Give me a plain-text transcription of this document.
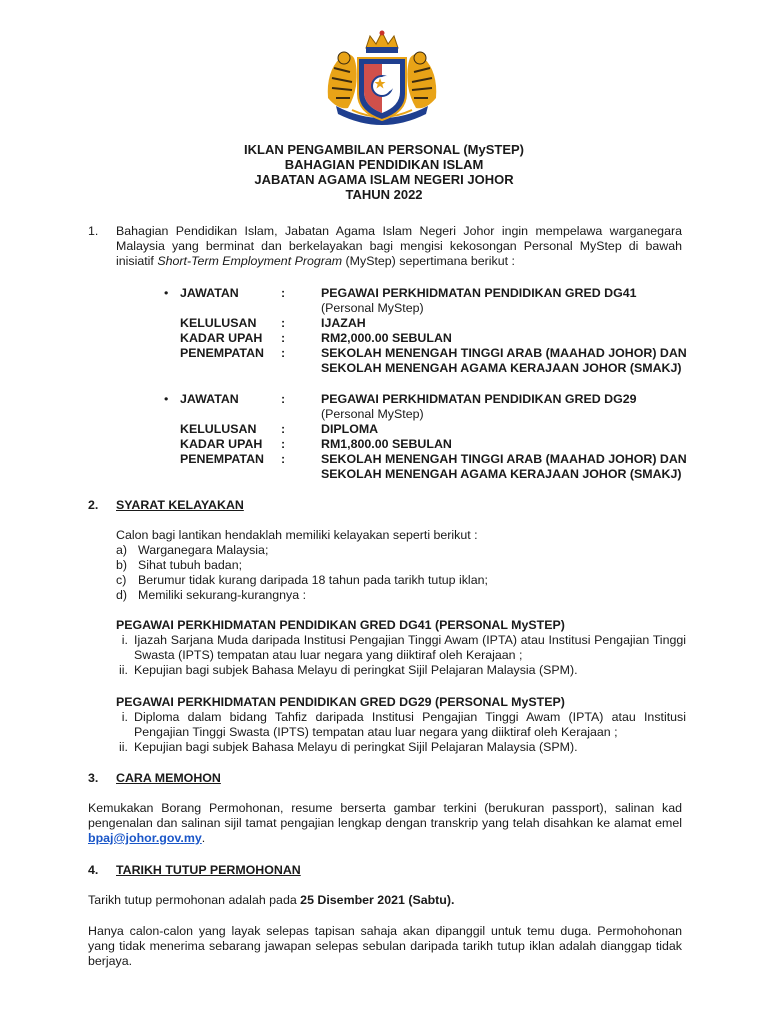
IKLAN PENGAMBILAN PERSONAL (MySTEP)
BAHAGIAN PENDIDIKAN ISLAM
JABATAN AGAMA ISLAM NEGERI JOHOR
TAHUN 2022
1. Bahagian Pendidikan Islam, Jabatan Agama Islam Negeri Johor ingin mempelawa warganegara Malaysia yang berminat dan berkelayakan bagi mengisi kekosongan Personal MyStep di bawah inisiatif Short-Term Employment Program (MyStep) sepertimana berikut :

• JAWATAN	:	PEGAWAI PERKHIDMATAN PENDIDIKAN GRED DG41
(Personal MyStep)
KELULUSAN	:	IJAZAH
KADAR UPAH	:	RM2,000.00 SEBULAN
PENEMPATAN	:	SEKOLAH MENENGAH TINGGI ARAB (MAAHAD JOHOR) DAN
SEKOLAH MENENGAH AGAMA KERAJAAN JOHOR (SMAKJ)
• JAWATAN	:	PEGAWAI PERKHIDMATAN PENDIDIKAN GRED DG29
(Personal MyStep)
KELULUSAN	:	DIPLOMA
KADAR UPAH	:	RM1,800.00 SEBULAN
PENEMPATAN	:	SEKOLAH MENENGAH TINGGI ARAB (MAAHAD JOHOR) DAN
SEKOLAH MENENGAH AGAMA KERAJAAN JOHOR (SMAKJ)
2. SYARAT KELAYAKAN
Calon bagi lantikan hendaklah memiliki kelayakan seperti berikut :
a) Warganegara Malaysia;
b) Sihat tubuh badan;
c) Berumur tidak kurang daripada 18 tahun pada tarikh tutup iklan;
d) Memiliki sekurang-kurangnya :
PEGAWAI PERKHIDMATAN PENDIDIKAN GRED DG41 (PERSONAL MySTEP)
i. Ijazah Sarjana Muda daripada Institusi Pengajian Tinggi Awam (IPTA) atau Institusi Pengajian Tinggi Swasta (IPTS) tempatan atau luar negara yang diiktiraf oleh Kerajaan ;
ii. Kepujian bagi subjek Bahasa Melayu di peringkat Sijil Pelajaran Malaysia (SPM).
PEGAWAI PERKHIDMATAN PENDIDIKAN GRED DG29 (PERSONAL MySTEP)
i. Diploma dalam bidang Tahfiz daripada Institusi Pengajian Tinggi Awam (IPTA) atau Institusi Pengajian Tinggi Swasta (IPTS) tempatan atau luar negara yang diiktiraf oleh Kerajaan ;
ii. Kepujian bagi subjek Bahasa Melayu di peringkat Sijil Pelajaran Malaysia (SPM).
3. CARA MEMOHON

Kemukakan Borang Permohonan, resume berserta gambar terkini (berukuran passport), salinan kad pengenalan dan salinan sijil tamat pengajian lengkap dengan transkrip yang telah disahkan ke alamat emel bpaj@johor.gov.my.

4. TARIKH TUTUP PERMOHONAN

Tarikh tutup permohonan adalah pada 25 Disember 2021 (Sabtu).

Hanya calon-calon yang layak selepas tapisan sahaja akan dipanggil untuk temu duga. Permohohonan yang tidak menerima sebarang jawapan selepas sebulan daripada tarikh tutup iklan adalah dianggap tidak berjaya.
